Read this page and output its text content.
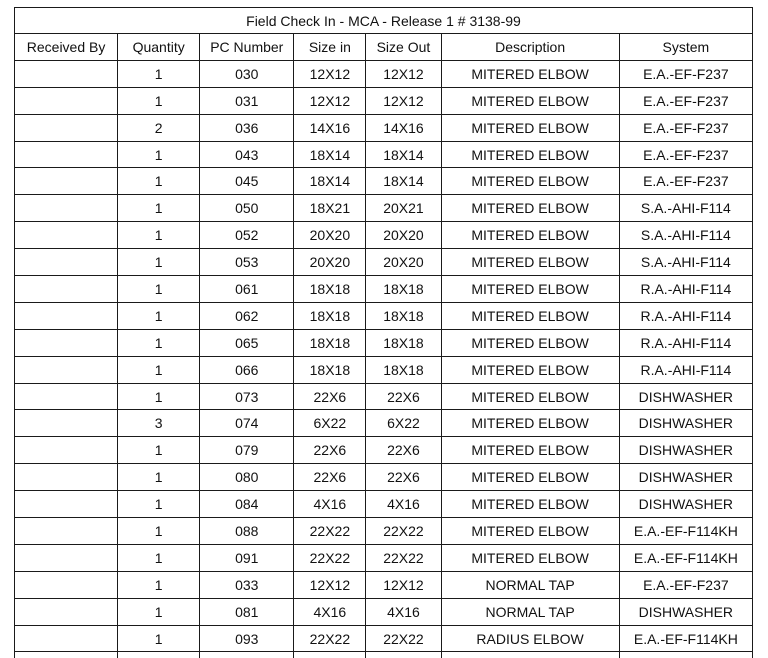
Field Check In - MCA - Release 1 # 3138-99						
Received By	Quantity	PC Number	Size in	Size Out	Description	System
	1	030	12X12	12X12	MITERED ELBOW	E.A.-EF-F237
	1	031	12X12	12X12	MITERED ELBOW	E.A.-EF-F237
	2	036	14X16	14X16	MITERED ELBOW	E.A.-EF-F237
	1	043	18X14	18X14	MITERED ELBOW	E.A.-EF-F237
	1	045	18X14	18X14	MITERED ELBOW	E.A.-EF-F237
	1	050	18X21	20X21	MITERED ELBOW	S.A.-AHI-F114
	1	052	20X20	20X20	MITERED ELBOW	S.A.-AHI-F114
	1	053	20X20	20X20	MITERED ELBOW	S.A.-AHI-F114
	1	061	18X18	18X18	MITERED ELBOW	R.A.-AHI-F114
	1	062	18X18	18X18	MITERED ELBOW	R.A.-AHI-F114
	1	065	18X18	18X18	MITERED ELBOW	R.A.-AHI-F114
	1	066	18X18	18X18	MITERED ELBOW	R.A.-AHI-F114
	1	073	22X6	22X6	MITERED ELBOW	DISHWASHER
	3	074	6X22	6X22	MITERED ELBOW	DISHWASHER
	1	079	22X6	22X6	MITERED ELBOW	DISHWASHER
	1	080	22X6	22X6	MITERED ELBOW	DISHWASHER
	1	084	4X16	4X16	MITERED ELBOW	DISHWASHER
	1	088	22X22	22X22	MITERED ELBOW	E.A.-EF-F114KH
	1	091	22X22	22X22	MITERED ELBOW	E.A.-EF-F114KH
	1	033	12X12	12X12	NORMAL TAP	E.A.-EF-F237
	1	081	4X16	4X16	NORMAL TAP	DISHWASHER
	1	093	22X22	22X22	RADIUS ELBOW	E.A.-EF-F114KH
